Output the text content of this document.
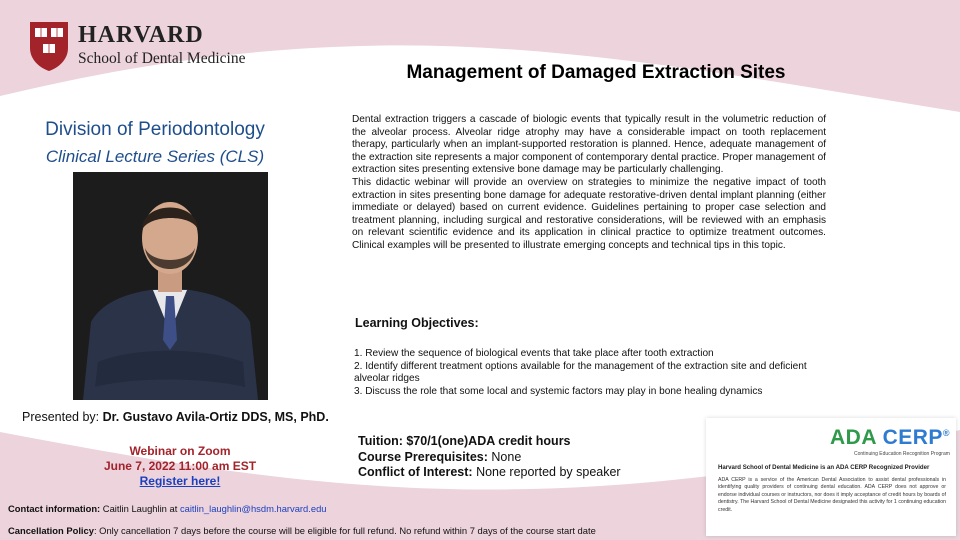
HARVARD
School of Dental Medicine
Management of Damaged Extraction Sites
Division of Periodontology
Clinical Lecture Series (CLS)
Presented by: Dr. Gustavo Avila-Ortiz DDS, MS, PhD.
Webinar on Zoom
June 7, 2022 11:00 am EST
Register here!

Dental extraction triggers a cascade of biologic events that typically result in the volumetric reduction of the alveolar process. Alveolar ridge atrophy may have a considerable impact on tooth replacement therapy, particularly when an implant-supported restoration is planned. Hence, adequate management of the extraction site represents a major component of contemporary dental practice. Proper management of extraction sites presenting extensive bone damage may be particularly challenging.

This didactic webinar will provide an overview on strategies to minimize the negative impact of tooth extraction in sites presenting bone damage for adequate restorative-driven dental implant planning (either immediate or delayed) based on current evidence. Guidelines pertaining to proper case selection and treatment planning, including surgical and restorative considerations, will be reviewed with an emphasis on relevant scientific evidence and its application in clinical practice to optimize treatment outcomes. Clinical examples will be presented to illustrate emerging concepts and technical tips in this topic.

Learning Objectives:
1. Review the sequence of biological events that take place after tooth extraction
2. Identify different treatment options available for the management of the extraction site and deficient alveolar ridges
3. Discuss the role that some local and systemic factors may play in bone healing dynamics
Tuition: $70/1(one)ADA credit hours
Course Prerequisites: None
Conflict of Interest: None reported by speaker
ADA CERP®
Continuing Education Recognition Program
Harvard School of Dental Medicine is an ADA CERP Recognized Provider
ADA CERP is a service of the American Dental Association to assist dental professionals in identifying quality providers of continuing dental education. ADA CERP does not approve or endorse individual courses or instructors, nor does it imply acceptance of credit hours by boards of dentistry. The Harvard School of Dental Medicine designated this activity for 1 continuing education credit.
Contact information: Caitlin Laughlin at caitlin_laughlin@hsdm.harvard.edu
Cancellation Policy: Only cancellation 7 days before the course will be eligible for full refund. No refund within 7 days of the course start date
